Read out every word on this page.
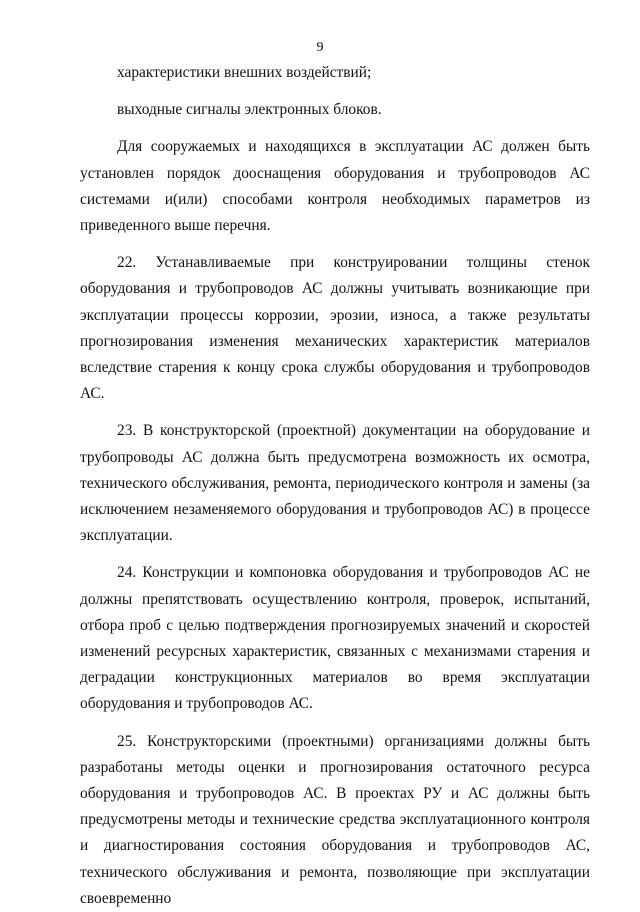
9

характеристики внешних воздействий;

выходные сигналы электронных блоков.

Для сооружаемых и находящихся в эксплуатации АС должен быть установлен порядок дооснащения оборудования и трубопроводов АС системами и(или) способами контроля необходимых параметров из приведенного выше перечня.

22. Устанавливаемые при конструировании толщины стенок оборудования и трубопроводов АС должны учитывать возникающие при эксплуатации процессы коррозии, эрозии, износа, а также результаты прогнозирования изменения механических характеристик материалов вследствие старения к концу срока службы оборудования и трубопроводов АС.

23. В конструкторской (проектной) документации на оборудование и трубопроводы АС должна быть предусмотрена возможность их осмотра, технического обслуживания, ремонта, периодического контроля и замены (за исключением незаменяемого оборудования и трубопроводов АС) в процессе эксплуатации.

24. Конструкции и компоновка оборудования и трубопроводов АС не должны препятствовать осуществлению контроля, проверок, испытаний, отбора проб с целью подтверждения прогнозируемых значений и скоростей изменений ресурсных характеристик, связанных с механизмами старения и деградации конструкционных материалов во время эксплуатации оборудования и трубопроводов АС.

25. Конструкторскими (проектными) организациями должны быть разработаны методы оценки и прогнозирования остаточного ресурса оборудования и трубопроводов АС. В проектах РУ и АС должны быть предусмотрены методы и технические средства эксплуатационного контроля и диагностирования состояния оборудования и трубопроводов АС, технического обслуживания и ремонта, позволяющие при эксплуатации своевременно
